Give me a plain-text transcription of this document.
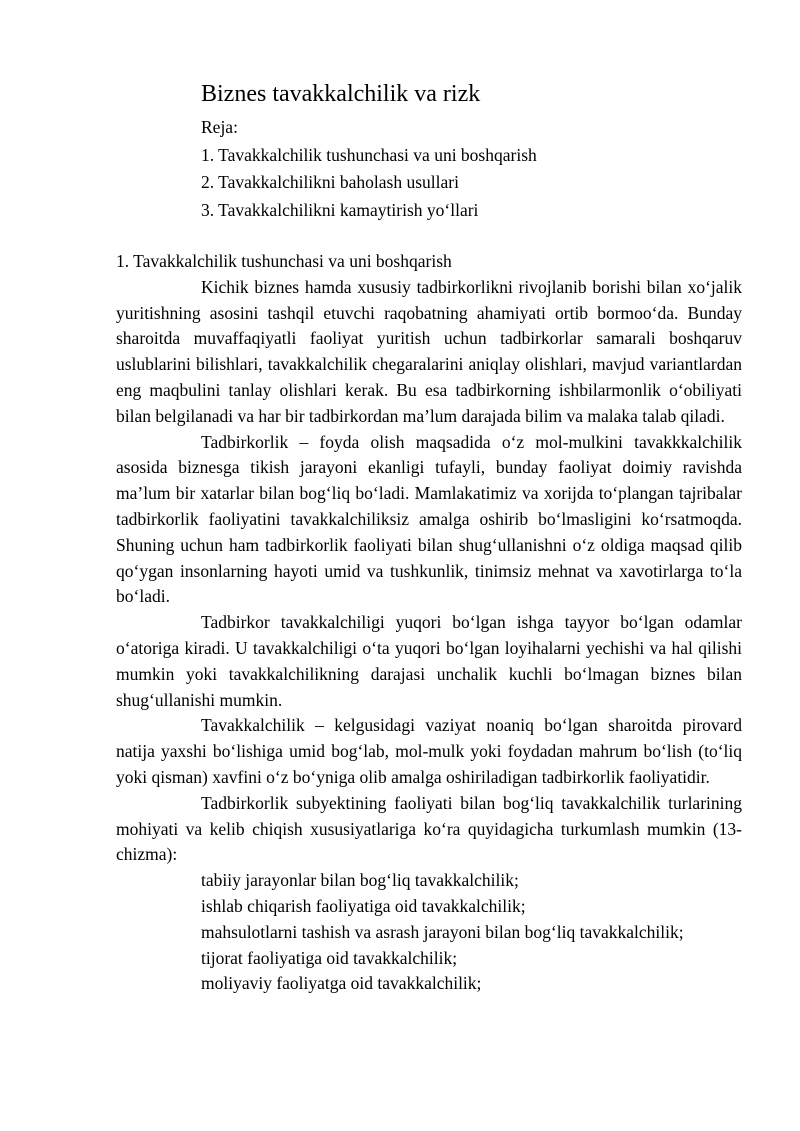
Biznes tavakkalchilik va rizk
Reja:
1. Tavakkalchilik tushunchasi va uni boshqarish
2. Tavakkalchilikni baholash usullari
3. Tavakkalchilikni kamaytirish yo‘llari
1. Tavakkalchilik tushunchasi va uni boshqarish

Kichik biznes hamda xususiy tadbirkorlikni rivojlanib borishi bilan xo‘jalik yuritishning asosini tashqil etuvchi raqobatning ahamiyati ortib bormoo‘da. Bunday sharoitda muvaffaqiyatli faoliyat yuritish uchun tadbirkorlar samarali boshqaruv uslublarini bilishlari, tavakkalchilik chegaralarini aniqlay olishlari, mavjud variantlardan eng maqbulini tanlay olishlari kerak. Bu esa tadbirkorning ishbilarmonlik o‘obiliyati bilan belgilanadi va har bir tadbirkordan ma’lum darajada bilim va malaka talab qiladi.

Tadbirkorlik – foyda olish maqsadida o‘z mol-mulkini tavakkkalchilik asosida biznesga tikish jarayoni ekanligi tufayli, bunday faoliyat doimiy ravishda ma’lum bir xatarlar bilan bog‘liq bo‘ladi. Mamlakatimiz va xorijda to‘plangan tajribalar tadbirkorlik faoliyatini tavakkalchiliksiz amalga oshirib bo‘lmasligini ko‘rsatmoqda. Shuning uchun ham tadbirkorlik faoliyati bilan shug‘ullanishni o‘z oldiga maqsad qilib qo‘ygan insonlarning hayoti umid va tushkunlik, tinimsiz mehnat va xavotirlarga to‘la bo‘ladi.

Tadbirkor tavakkalchiligi yuqori bo‘lgan ishga tayyor bo‘lgan odamlar o‘atoriga kiradi. U tavakkalchiligi o‘ta yuqori bo‘lgan loyihalarni yechishi va hal qilishi mumkin yoki tavakkalchilikning darajasi unchalik kuchli bo‘lmagan biznes bilan shug‘ullanishi mumkin.

Tavakkalchilik – kelgusidagi vaziyat noaniq bo‘lgan sharoitda pirovard natija yaxshi bo‘lishiga umid bog‘lab, mol-mulk yoki foydadan mahrum bo‘lish (to‘liq yoki qisman) xavfini o‘z bo‘yniga olib amalga oshiriladigan tadbirkorlik faoliyatidir.

Tadbirkorlik subyektining faoliyati bilan bog‘liq tavakkalchilik turlarining mohiyati va kelib chiqish xususiyatlariga ko‘ra quyidagicha turkumlash mumkin (13-chizma):

tabiiy jarayonlar bilan bog‘liq tavakkalchilik;
ishlab chiqarish faoliyatiga oid tavakkalchilik;
mahsulotlarni tashish va asrash jarayoni bilan bog‘liq tavakkalchilik;
tijorat faoliyatiga oid tavakkalchilik;
moliyaviy faoliyatga oid tavakkalchilik;
